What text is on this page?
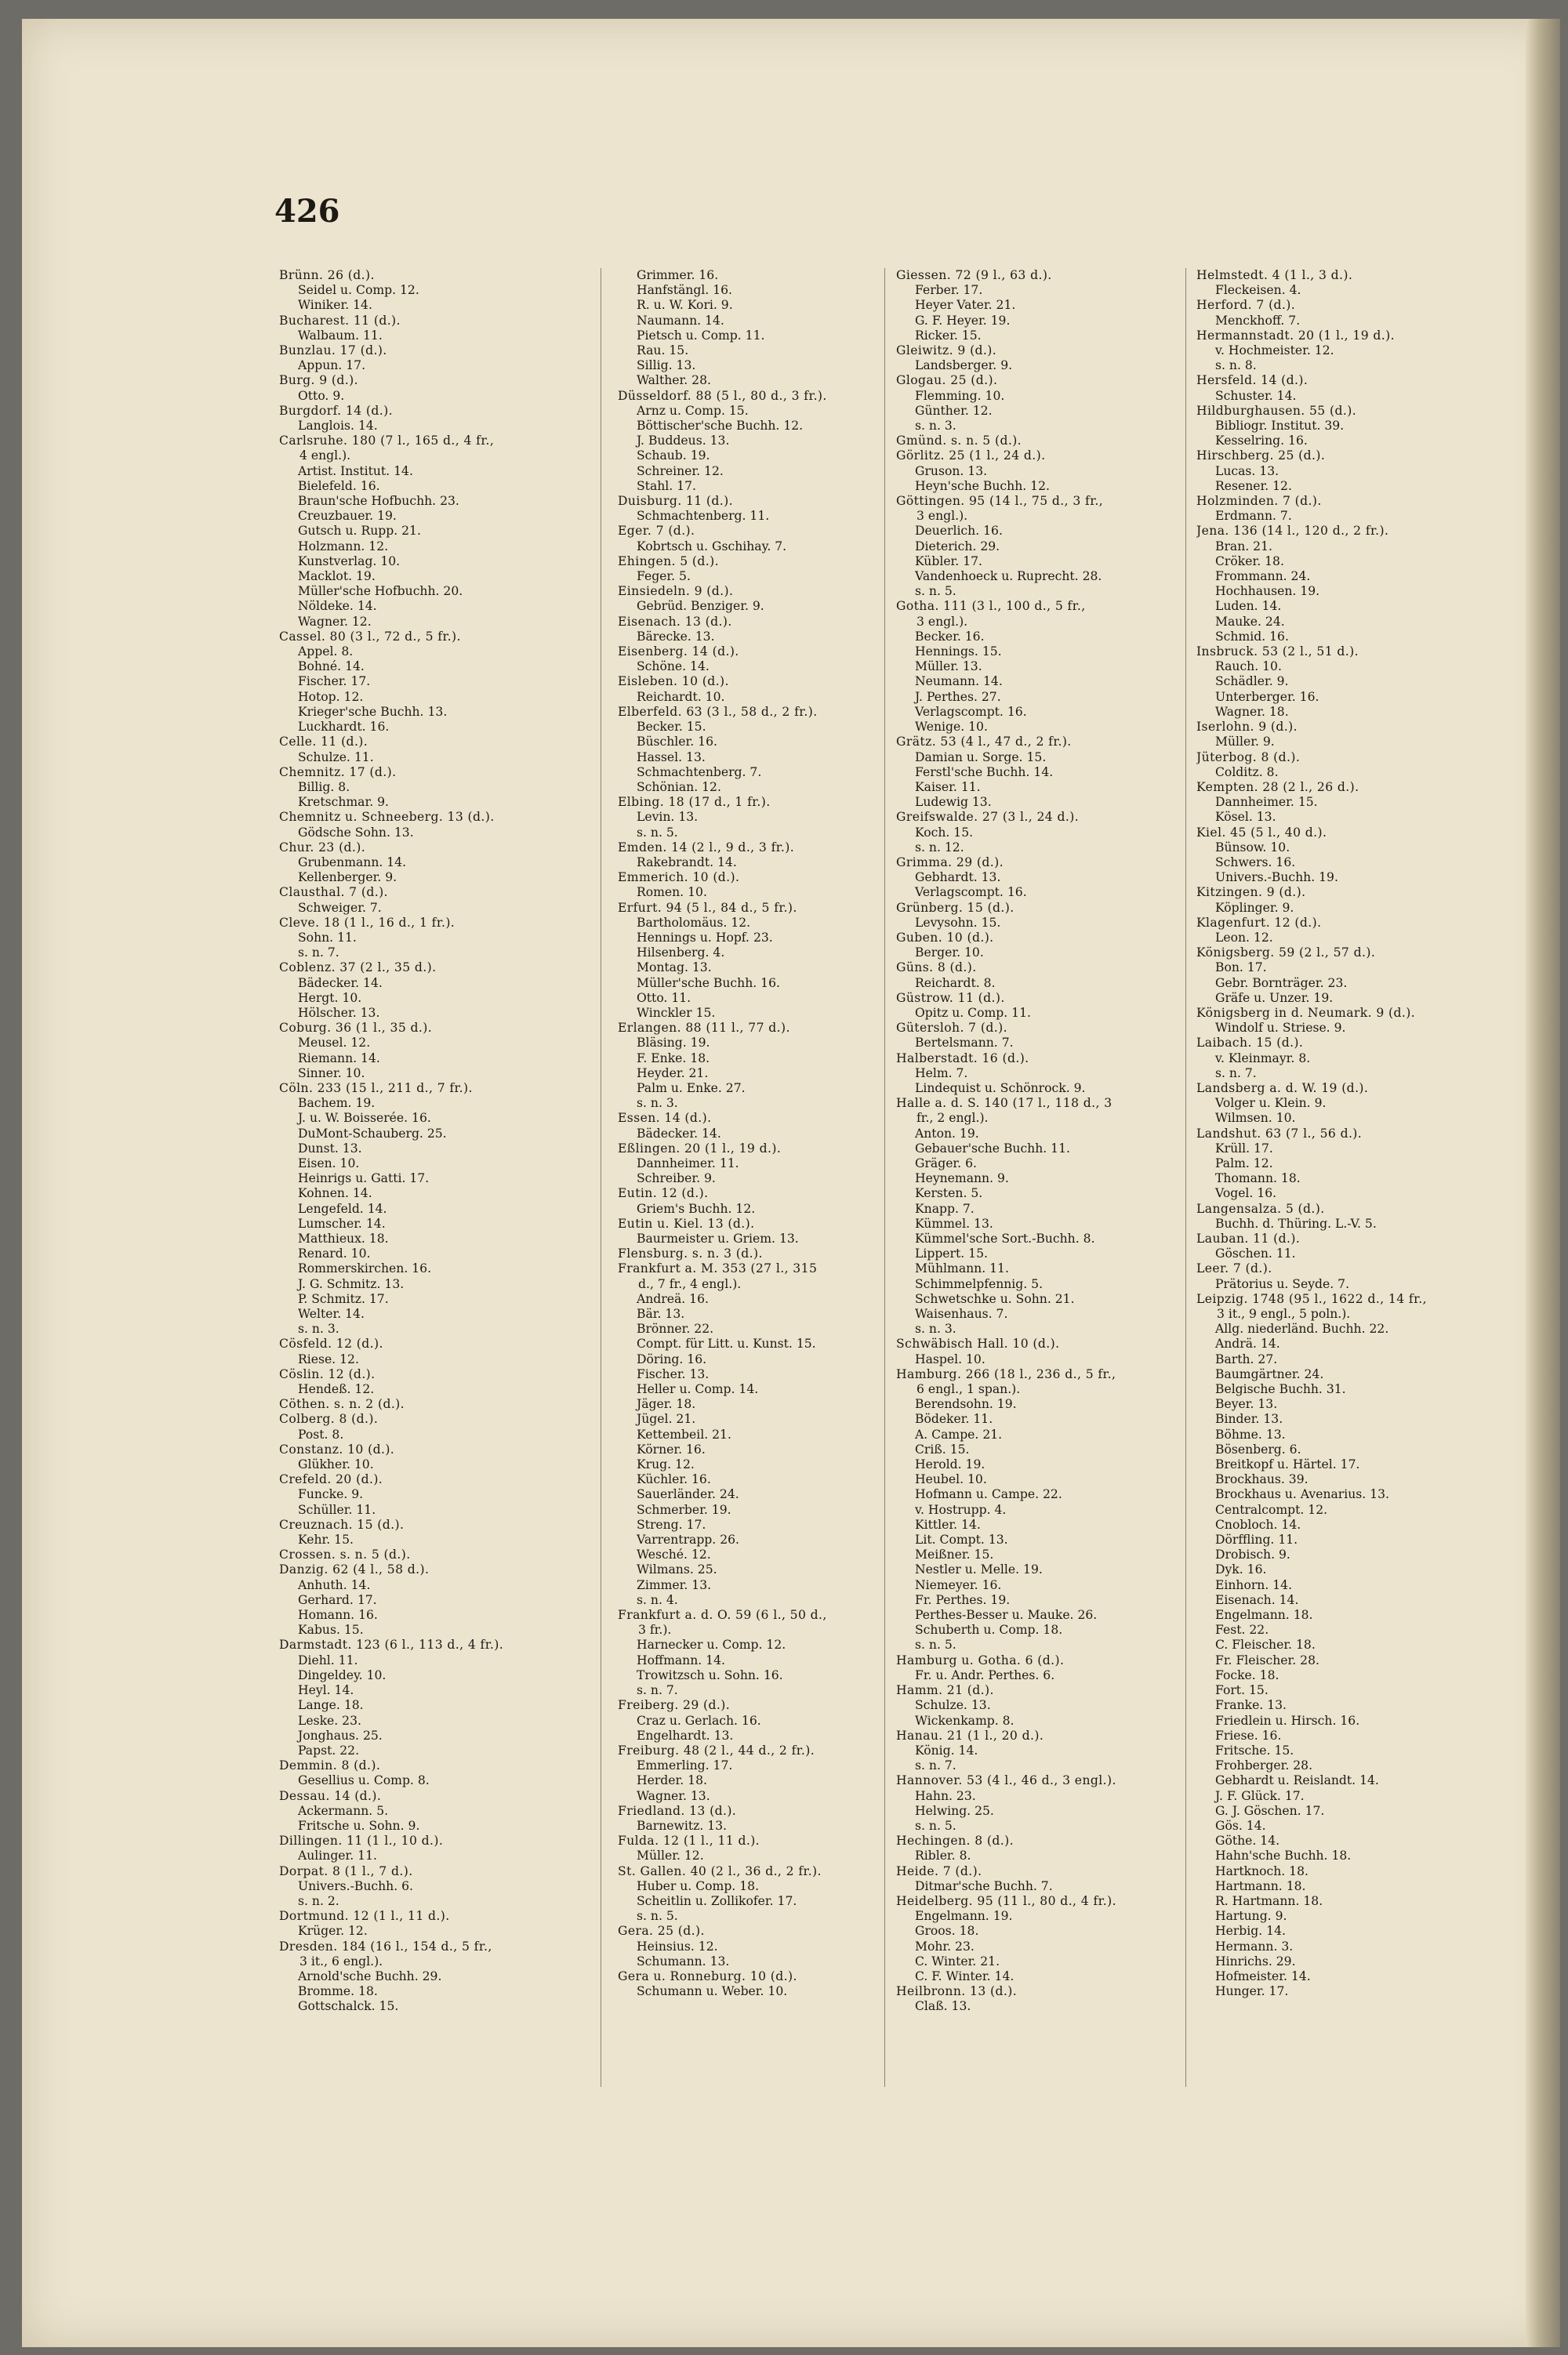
426
Brünn. 26 (d.).
Seidel u. Comp. 12.
Winiker. 14.
Bucharest. 11 (d.).
Walbaum. 11.
Bunzlau. 17 (d.).
Appun. 17.
Burg. 9 (d.).
Otto. 9.
Burgdorf. 14 (d.).
Langlois. 14.
Carlsruhe. 180 (7 l., 165 d., 4 fr.,
4 engl.).
Artist. Institut. 14.
Bielefeld. 16.
Braun'sche Hofbuchh. 23.
Creuzbauer. 19.
Gutsch u. Rupp. 21.
Holzmann. 12.
Kunstverlag. 10.
Macklot. 19.
Müller'sche Hofbuchh. 20.
Nöldeke. 14.
Wagner. 12.
Cassel. 80 (3 l., 72 d., 5 fr.).
Appel. 8.
Bohné. 14.
Fischer. 17.
Hotop. 12.
Krieger'sche Buchh. 13.
Luckhardt. 16.
Celle. 11 (d.).
Schulze. 11.
Chemnitz. 17 (d.).
Billig. 8.
Kretschmar. 9.
Chemnitz u. Schneeberg. 13 (d.).
Gödsche Sohn. 13.
Chur. 23 (d.).
Grubenmann. 14.
Kellenberger. 9.
Clausthal. 7 (d.).
Schweiger. 7.
Cleve. 18 (1 l., 16 d., 1 fr.).
Sohn. 11.
s. n. 7.
Coblenz. 37 (2 l., 35 d.).
Bädecker. 14.
Hergt. 10.
Hölscher. 13.
Coburg. 36 (1 l., 35 d.).
Meusel. 12.
Riemann. 14.
Sinner. 10.
Cöln. 233 (15 l., 211 d., 7 fr.).
Bachem. 19.
J. u. W. Boisserée. 16.
DuMont-Schauberg. 25.
Dunst. 13.
Eisen. 10.
Heinrigs u. Gatti. 17.
Kohnen. 14.
Lengefeld. 14.
Lumscher. 14.
Matthieux. 18.
Renard. 10.
Rommerskirchen. 16.
J. G. Schmitz. 13.
P. Schmitz. 17.
Welter. 14.
s. n. 3.
Cösfeld. 12 (d.).
Riese. 12.
Cöslin. 12 (d.).
Hendeß. 12.
Cöthen. s. n. 2 (d.).
Colberg. 8 (d.).
Post. 8.
Constanz. 10 (d.).
Glükher. 10.
Crefeld. 20 (d.).
Funcke. 9.
Schüller. 11.
Creuznach. 15 (d.).
Kehr. 15.
Crossen. s. n. 5 (d.).
Danzig. 62 (4 l., 58 d.).
Anhuth. 14.
Gerhard. 17.
Homann. 16.
Kabus. 15.
Darmstadt. 123 (6 l., 113 d., 4 fr.).
Diehl. 11.
Dingeldey. 10.
Heyl. 14.
Lange. 18.
Leske. 23.
Jonghaus. 25.
Papst. 22.
Demmin. 8 (d.).
Gesellius u. Comp. 8.
Dessau. 14 (d.).
Ackermann. 5.
Fritsche u. Sohn. 9.
Dillingen. 11 (1 l., 10 d.).
Aulinger. 11.
Dorpat. 8 (1 l., 7 d.).
Univers.-Buchh. 6.
s. n. 2.
Dortmund. 12 (1 l., 11 d.).
Krüger. 12.
Dresden. 184 (16 l., 154 d., 5 fr.,
3 it., 6 engl.).
Arnold'sche Buchh. 29.
Bromme. 18.
Gottschalck. 15.
Grimmer. 16.
Hanfstängl. 16.
R. u. W. Kori. 9.
Naumann. 14.
Pietsch u. Comp. 11.
Rau. 15.
Sillig. 13.
Walther. 28.
Düsseldorf. 88 (5 l., 80 d., 3 fr.).
Arnz u. Comp. 15.
Böttischer'sche Buchh. 12.
J. Buddeus. 13.
Schaub. 19.
Schreiner. 12.
Stahl. 17.
Duisburg. 11 (d.).
Schmachtenberg. 11.
Eger. 7 (d.).
Kobrtsch u. Gschihay. 7.
Ehingen. 5 (d.).
Feger. 5.
Einsiedeln. 9 (d.).
Gebrüd. Benziger. 9.
Eisenach. 13 (d.).
Bärecke. 13.
Eisenberg. 14 (d.).
Schöne. 14.
Eisleben. 10 (d.).
Reichardt. 10.
Elberfeld. 63 (3 l., 58 d., 2 fr.).
Becker. 15.
Büschler. 16.
Hassel. 13.
Schmachtenberg. 7.
Schönian. 12.
Elbing. 18 (17 d., 1 fr.).
Levin. 13.
s. n. 5.
Emden. 14 (2 l., 9 d., 3 fr.).
Rakebrandt. 14.
Emmerich. 10 (d.).
Romen. 10.
Erfurt. 94 (5 l., 84 d., 5 fr.).
Bartholomäus. 12.
Hennings u. Hopf. 23.
Hilsenberg. 4.
Montag. 13.
Müller'sche Buchh. 16.
Otto. 11.
Winckler 15.
Erlangen. 88 (11 l., 77 d.).
Bläsing. 19.
F. Enke. 18.
Heyder. 21.
Palm u. Enke. 27.
s. n. 3.
Essen. 14 (d.).
Bädecker. 14.
Eßlingen. 20 (1 l., 19 d.).
Dannheimer. 11.
Schreiber. 9.
Eutin. 12 (d.).
Griem's Buchh. 12.
Eutin u. Kiel. 13 (d.).
Baurmeister u. Griem. 13.
Flensburg. s. n. 3 (d.).
Frankfurt a. M. 353 (27 l., 315
d., 7 fr., 4 engl.).
Andreä. 16.
Bär. 13.
Brönner. 22.
Compt. für Litt. u. Kunst. 15.
Döring. 16.
Fischer. 13.
Heller u. Comp. 14.
Jäger. 18.
Jügel. 21.
Kettembeil. 21.
Körner. 16.
Krug. 12.
Küchler. 16.
Sauerländer. 24.
Schmerber. 19.
Streng. 17.
Varrentrapp. 26.
Wesché. 12.
Wilmans. 25.
Zimmer. 13.
s. n. 4.
Frankfurt a. d. O. 59 (6 l., 50 d.,
3 fr.).
Harnecker u. Comp. 12.
Hoffmann. 14.
Trowitzsch u. Sohn. 16.
s. n. 7.
Freiberg. 29 (d.).
Craz u. Gerlach. 16.
Engelhardt. 13.
Freiburg. 48 (2 l., 44 d., 2 fr.).
Emmerling. 17.
Herder. 18.
Wagner. 13.
Friedland. 13 (d.).
Barnewitz. 13.
Fulda. 12 (1 l., 11 d.).
Müller. 12.
St. Gallen. 40 (2 l., 36 d., 2 fr.).
Huber u. Comp. 18.
Scheitlin u. Zollikofer. 17.
s. n. 5.
Gera. 25 (d.).
Heinsius. 12.
Schumann. 13.
Gera u. Ronneburg. 10 (d.).
Schumann u. Weber. 10.
Giessen. 72 (9 l., 63 d.).
Ferber. 17.
Heyer Vater. 21.
G. F. Heyer. 19.
Ricker. 15.
Gleiwitz. 9 (d.).
Landsberger. 9.
Glogau. 25 (d.).
Flemming. 10.
Günther. 12.
s. n. 3.
Gmünd. s. n. 5 (d.).
Görlitz. 25 (1 l., 24 d.).
Gruson. 13.
Heyn'sche Buchh. 12.
Göttingen. 95 (14 l., 75 d., 3 fr.,
3 engl.).
Deuerlich. 16.
Dieterich. 29.
Kübler. 17.
Vandenhoeck u. Ruprecht. 28.
s. n. 5.
Gotha. 111 (3 l., 100 d., 5 fr.,
3 engl.).
Becker. 16.
Hennings. 15.
Müller. 13.
Neumann. 14.
J. Perthes. 27.
Verlagscompt. 16.
Wenige. 10.
Grätz. 53 (4 l., 47 d., 2 fr.).
Damian u. Sorge. 15.
Ferstl'sche Buchh. 14.
Kaiser. 11.
Ludewig 13.
Greifswalde. 27 (3 l., 24 d.).
Koch. 15.
s. n. 12.
Grimma. 29 (d.).
Gebhardt. 13.
Verlagscompt. 16.
Grünberg. 15 (d.).
Levysohn. 15.
Guben. 10 (d.).
Berger. 10.
Güns. 8 (d.).
Reichardt. 8.
Güstrow. 11 (d.).
Opitz u. Comp. 11.
Gütersloh. 7 (d.).
Bertelsmann. 7.
Halberstadt. 16 (d.).
Helm. 7.
Lindequist u. Schönrock. 9.
Halle a. d. S. 140 (17 l., 118 d., 3
fr., 2 engl.).
Anton. 19.
Gebauer'sche Buchh. 11.
Gräger. 6.
Heynemann. 9.
Kersten. 5.
Knapp. 7.
Kümmel. 13.
Kümmel'sche Sort.-Buchh. 8.
Lippert. 15.
Mühlmann. 11.
Schimmelpfennig. 5.
Schwetschke u. Sohn. 21.
Waisenhaus. 7.
s. n. 3.
Schwäbisch Hall. 10 (d.).
Haspel. 10.
Hamburg. 266 (18 l., 236 d., 5 fr.,
6 engl., 1 span.).
Berendsohn. 19.
Bödeker. 11.
A. Campe. 21.
Criß. 15.
Herold. 19.
Heubel. 10.
Hofmann u. Campe. 22.
v. Hostrupp. 4.
Kittler. 14.
Lit. Compt. 13.
Meißner. 15.
Nestler u. Melle. 19.
Niemeyer. 16.
Fr. Perthes. 19.
Perthes-Besser u. Mauke. 26.
Schuberth u. Comp. 18.
s. n. 5.
Hamburg u. Gotha. 6 (d.).
Fr. u. Andr. Perthes. 6.
Hamm. 21 (d.).
Schulze. 13.
Wickenkamp. 8.
Hanau. 21 (1 l., 20 d.).
König. 14.
s. n. 7.
Hannover. 53 (4 l., 46 d., 3 engl.).
Hahn. 23.
Helwing. 25.
s. n. 5.
Hechingen. 8 (d.).
Ribler. 8.
Heide. 7 (d.).
Ditmar'sche Buchh. 7.
Heidelberg. 95 (11 l., 80 d., 4 fr.).
Engelmann. 19.
Groos. 18.
Mohr. 23.
C. Winter. 21.
C. F. Winter. 14.
Heilbronn. 13 (d.).
Claß. 13.
Helmstedt. 4 (1 l., 3 d.).
Fleckeisen. 4.
Herford. 7 (d.).
Menckhoff. 7.
Hermannstadt. 20 (1 l., 19 d.).
v. Hochmeister. 12.
s. n. 8.
Hersfeld. 14 (d.).
Schuster. 14.
Hildburghausen. 55 (d.).
Bibliogr. Institut. 39.
Kesselring. 16.
Hirschberg. 25 (d.).
Lucas. 13.
Resener. 12.
Holzminden. 7 (d.).
Erdmann. 7.
Jena. 136 (14 l., 120 d., 2 fr.).
Bran. 21.
Cröker. 18.
Frommann. 24.
Hochhausen. 19.
Luden. 14.
Mauke. 24.
Schmid. 16.
Insbruck. 53 (2 l., 51 d.).
Rauch. 10.
Schädler. 9.
Unterberger. 16.
Wagner. 18.
Iserlohn. 9 (d.).
Müller. 9.
Jüterbog. 8 (d.).
Colditz. 8.
Kempten. 28 (2 l., 26 d.).
Dannheimer. 15.
Kösel. 13.
Kiel. 45 (5 l., 40 d.).
Bünsow. 10.
Schwers. 16.
Univers.-Buchh. 19.
Kitzingen. 9 (d.).
Köplinger. 9.
Klagenfurt. 12 (d.).
Leon. 12.
Königsberg. 59 (2 l., 57 d.).
Bon. 17.
Gebr. Bornträger. 23.
Gräfe u. Unzer. 19.
Königsberg in d. Neumark. 9 (d.).
Windolf u. Striese. 9.
Laibach. 15 (d.).
v. Kleinmayr. 8.
s. n. 7.
Landsberg a. d. W. 19 (d.).
Volger u. Klein. 9.
Wilmsen. 10.
Landshut. 63 (7 l., 56 d.).
Krüll. 17.
Palm. 12.
Thomann. 18.
Vogel. 16.
Langensalza. 5 (d.).
Buchh. d. Thüring. L.-V. 5.
Lauban. 11 (d.).
Göschen. 11.
Leer. 7 (d.).
Prätorius u. Seyde. 7.
Leipzig. 1748 (95 l., 1622 d., 14 fr.,
3 it., 9 engl., 5 poln.).
Allg. niederländ. Buchh. 22.
Andrä. 14.
Barth. 27.
Baumgärtner. 24.
Belgische Buchh. 31.
Beyer. 13.
Binder. 13.
Böhme. 13.
Bösenberg. 6.
Breitkopf u. Härtel. 17.
Brockhaus. 39.
Brockhaus u. Avenarius. 13.
Centralcompt. 12.
Cnobloch. 14.
Dörffling. 11.
Drobisch. 9.
Dyk. 16.
Einhorn. 14.
Eisenach. 14.
Engelmann. 18.
Fest. 22.
C. Fleischer. 18.
Fr. Fleischer. 28.
Focke. 18.
Fort. 15.
Franke. 13.
Friedlein u. Hirsch. 16.
Friese. 16.
Fritsche. 15.
Frohberger. 28.
Gebhardt u. Reislandt. 14.
J. F. Glück. 17.
G. J. Göschen. 17.
Gös. 14.
Göthe. 14.
Hahn'sche Buchh. 18.
Hartknoch. 18.
Hartmann. 18.
R. Hartmann. 18.
Hartung. 9.
Herbig. 14.
Hermann. 3.
Hinrichs. 29.
Hofmeister. 14.
Hunger. 17.
